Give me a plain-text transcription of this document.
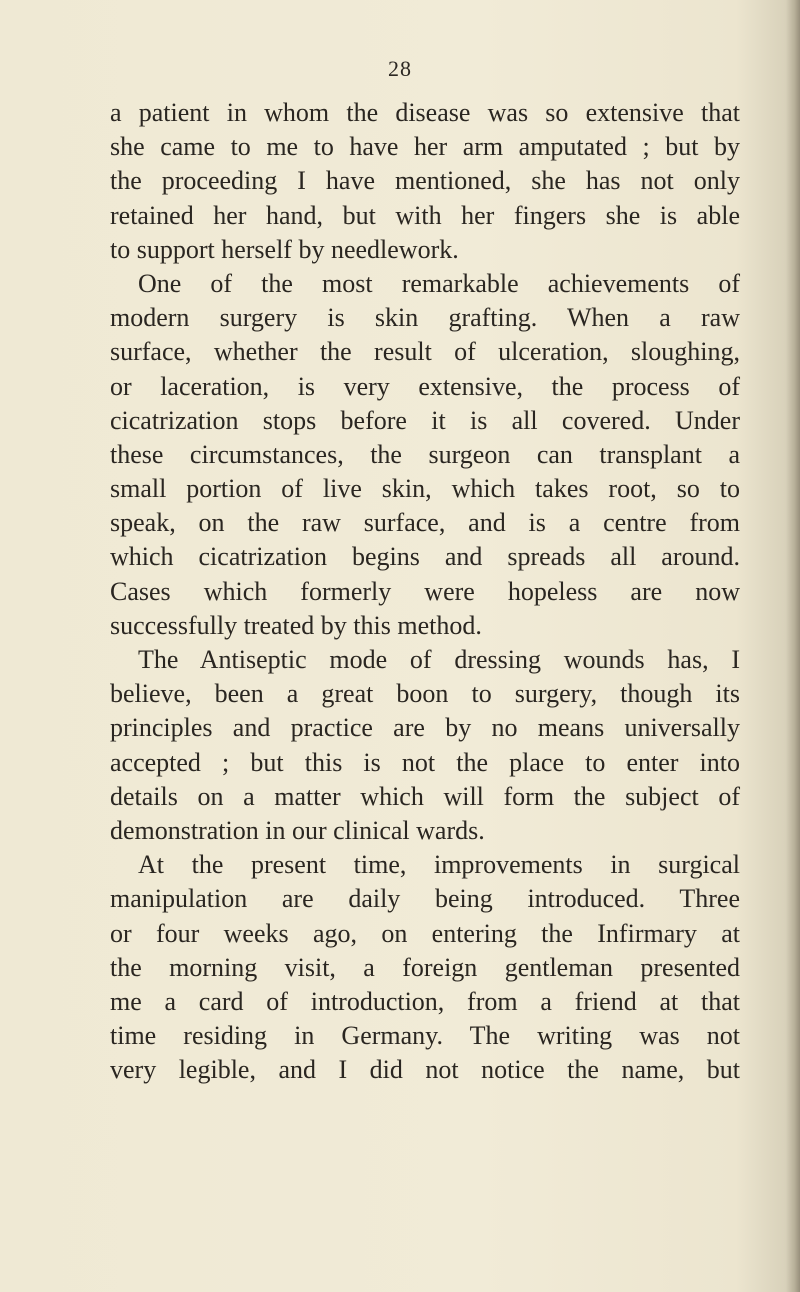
28
a patient in whom the disease was so extensive that
she came to me to have her arm amputated ; but by
the proceeding I have mentioned, she has not only
retained her hand, but with her fingers she is able
to support herself by needlework.
One of the most remarkable achievements of
modern surgery is skin grafting. When a raw
surface, whether the result of ulceration, sloughing,
or laceration, is very extensive, the process of
cicatrization stops before it is all covered. Under
these circumstances, the surgeon can transplant a
small portion of live skin, which takes root, so to
speak, on the raw surface, and is a centre from
which cicatrization begins and spreads all around.
Cases which formerly were hopeless are now
successfully treated by this method.
The Antiseptic mode of dressing wounds has, I
believe, been a great boon to surgery, though its
principles and practice are by no means universally
accepted ; but this is not the place to enter into
details on a matter which will form the subject of
demonstration in our clinical wards.
At the present time, improvements in surgical
manipulation are daily being introduced. Three
or four weeks ago, on entering the Infirmary at
the morning visit, a foreign gentleman presented
me a card of introduction, from a friend at that
time residing in Germany. The writing was not
very legible, and I did not notice the name, but
